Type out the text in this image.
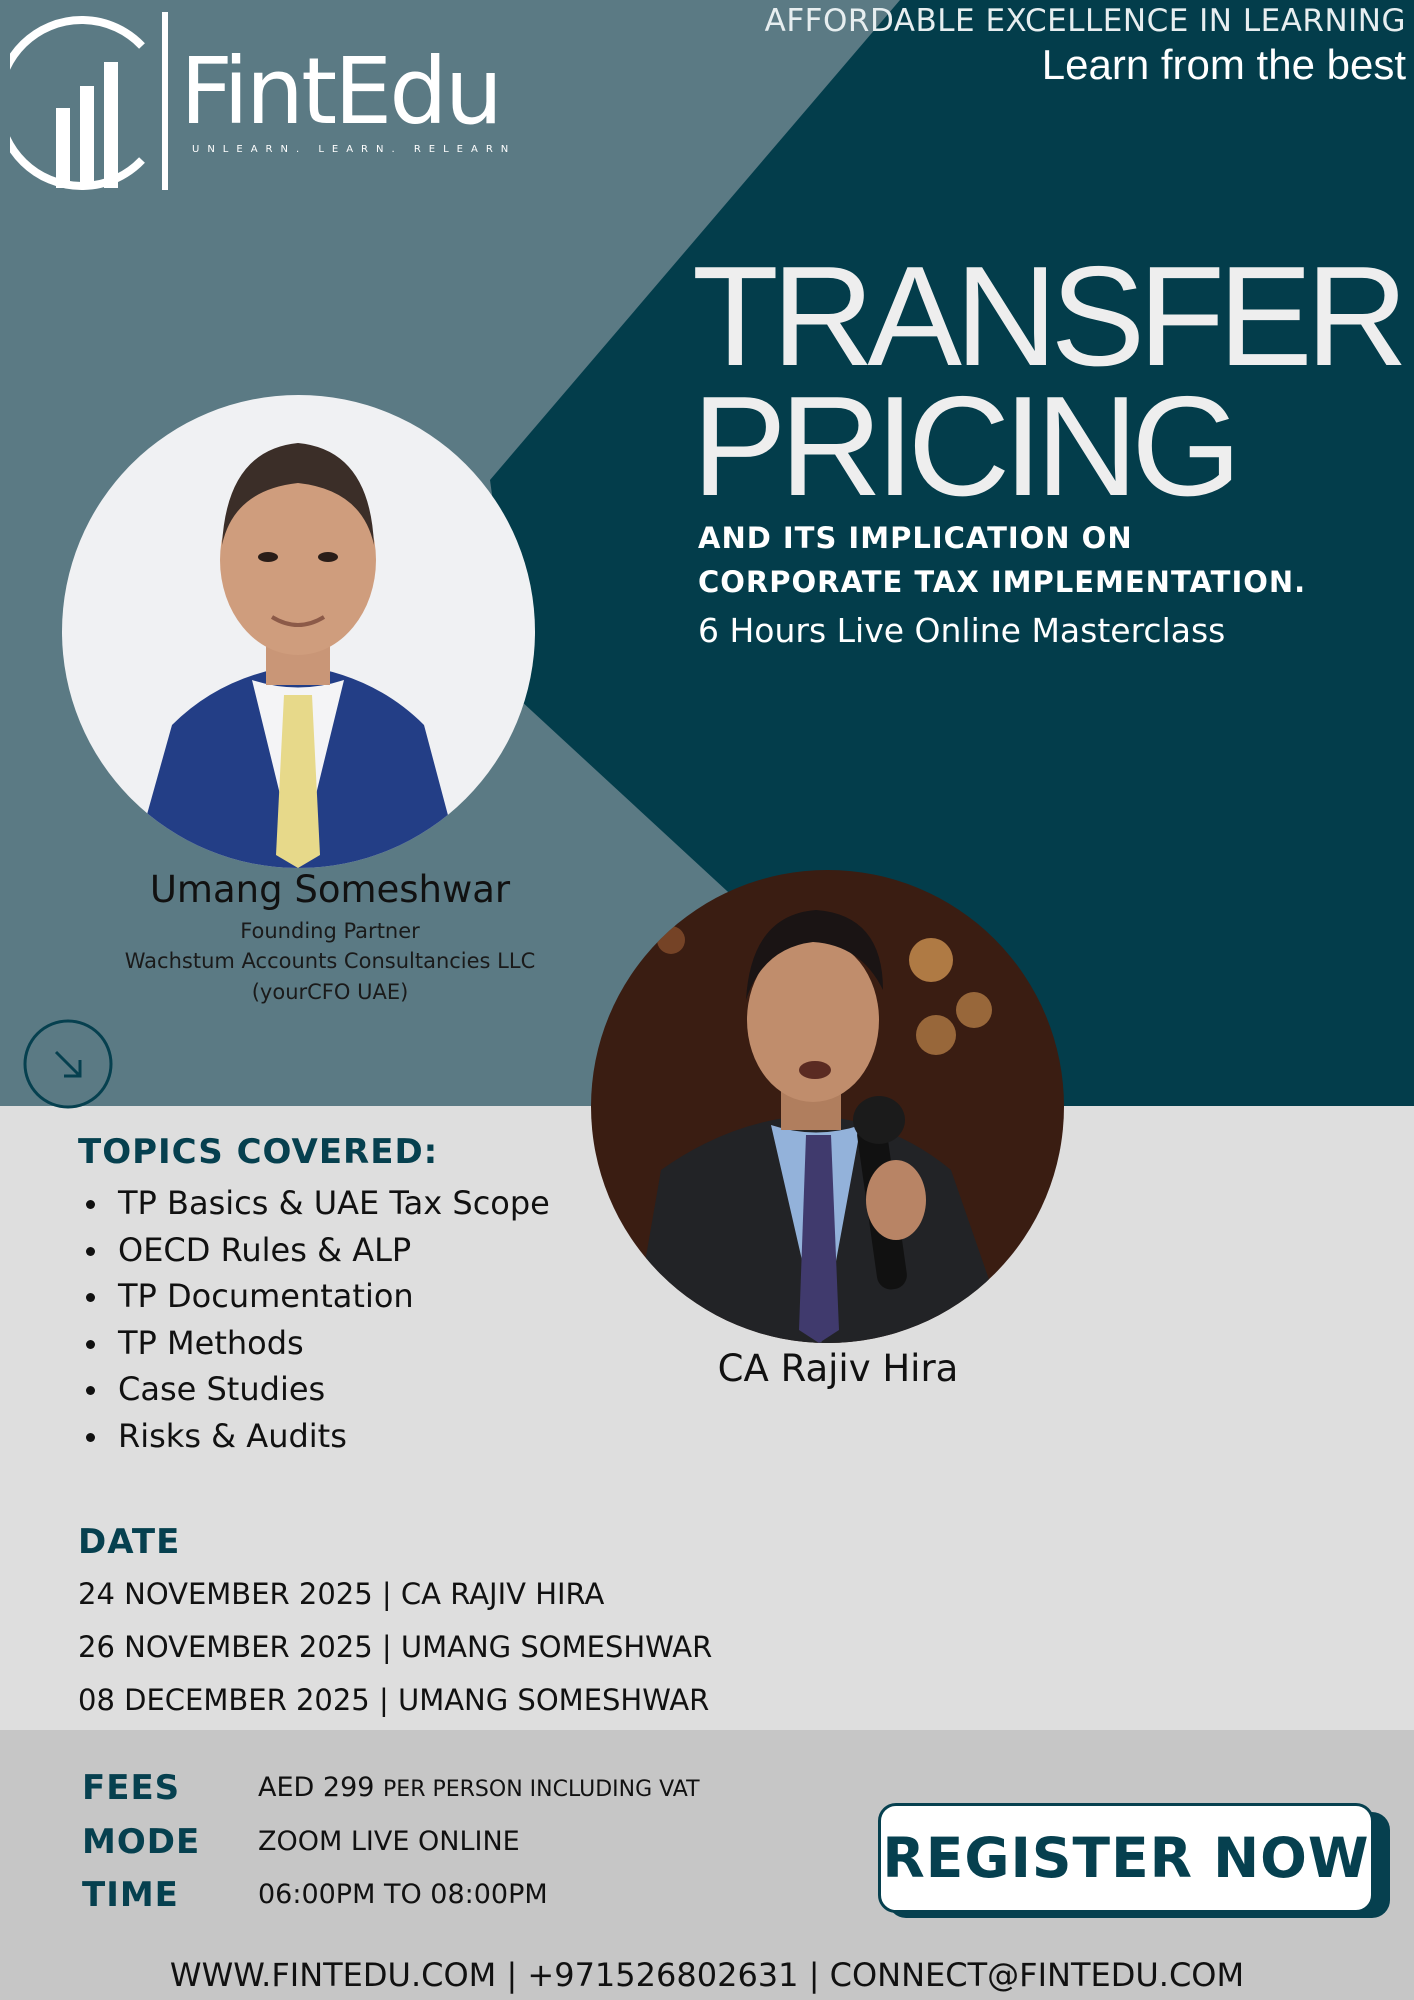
FintEdu
UNLEARN. LEARN. RELEARN
AFFORDABLE EXCELLENCE IN LEARNING
Learn from the best
TRANSFER
PRICING
AND ITS IMPLICATION ON
CORPORATE TAX IMPLEMENTATION.
6 Hours Live Online Masterclass
Umang Someshwar
Founding Partner
Wachstum Accounts Consultancies LLC
(yourCFO UAE)
CA Rajiv Hira
TOPICS COVERED:
TP Basics & UAE Tax Scope
OECD Rules & ALP
TP Documentation
TP Methods
Case Studies
Risks & Audits
DATE
24 NOVEMBER 2025 | CA RAJIV HIRA
26 NOVEMBER 2025 | UMANG SOMESHWAR
08 DECEMBER 2025 | UMANG SOMESHWAR
FEES	AED 299 PER PERSON INCLUDING VAT
MODE ZOOM LIVE ONLINE
TIME	06:00PM TO 08:00PM
REGISTER NOW
WWW.FINTEDU.COM | +971526802631 | CONNECT@FINTEDU.COM
